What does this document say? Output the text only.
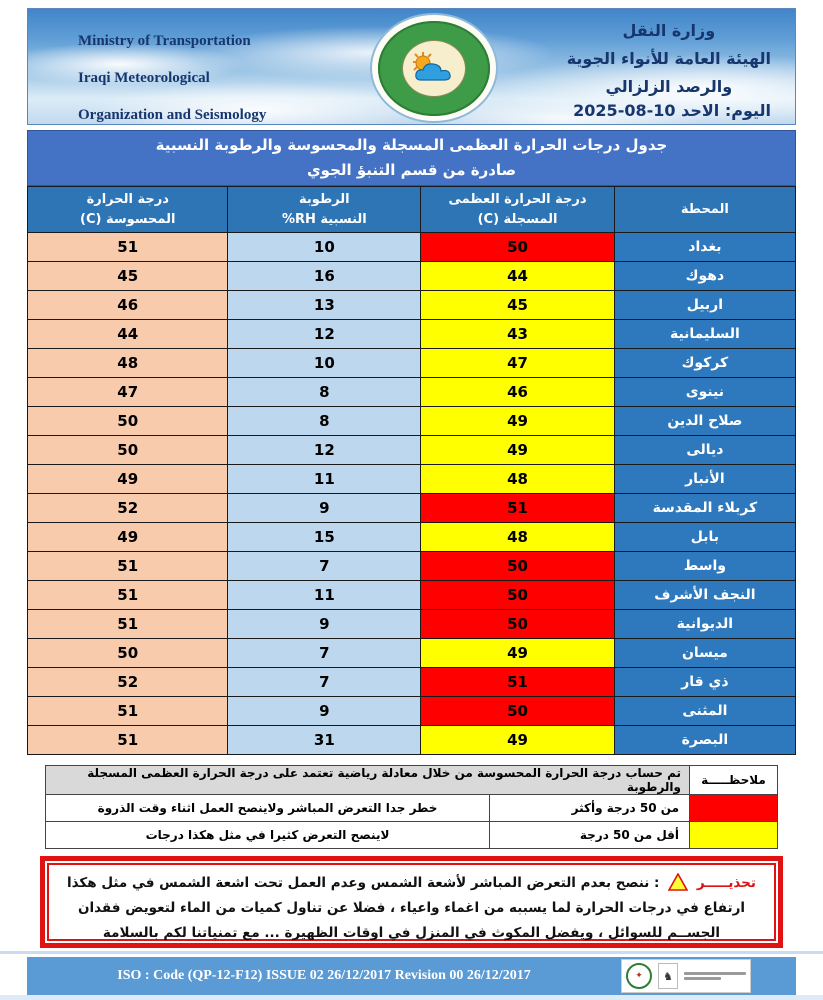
Ministry of Transportation
Iraqi Meteorological
Organization and Seismology
وزارة النقل
الهيئة العامة للأنواء الجوية
والرصد الزلزالي
اليوم: الاحد 10-08-2025
جدول درجات الحرارة العظمى المسجلة والمحسوسة والرطوبة النسبية
صادرة من قسم التنبؤ الجوي
المحطة	
درجة الحرارة العظمى
المسجلة (C)

الرطوبة
النسبية RH%

درجة الحرارة
المحسوسة (C)

بغداد	50	10	51
دهوك	44	16	45
اربيل	45	13	46
السليمانية	43	12	44
كركوك	47	10	48
نينوى	46	8	47
صلاح الدين	49	8	50
ديالى	49	12	50
الأنبار	48	11	49
كربلاء المقدسة	51	9	52
بابل	48	15	49
واسط	50	7	51
النجف الأشرف	50	11	51
الديوانية	50	9	51
ميسان	49	7	50
ذي قار	51	7	52
المثنى	50	9	51
البصرة	49	31	51
ملاحظـــــة	تم حساب درجة الحرارة المحسوسة من خلال معادلة رياضية تعتمد على درجة الحرارة العظمى المسجلة والرطوبة	
	من 50 درجة وأكثر	خطر جدا التعرض المباشر ولاينصح العمل اثناء وقت الذروة
	أقل من 50 درجة	لاينصح التعرض كثيرا في مثل هكذا درجات
تحذيـــــر  : ننصح بعدم التعرض المباشر لأشعة الشمس وعدم العمل تحت اشعة الشمس في مثل هكذا ارتفاع في درجات الحرارة لما يسببه من اغماء واعياء ، فضلا عن تناول كميات من الماء لتعويض فقدان الجســم للسوائل ، ويفضل المكوث في المنزل في اوقات الظهيرة ... مع تمنياتنا لكم بالسلامة
ISO : Code (QP-12-F12) ISSUE 02 26/12/2017 Revision 00 26/12/2017	✦	♞
